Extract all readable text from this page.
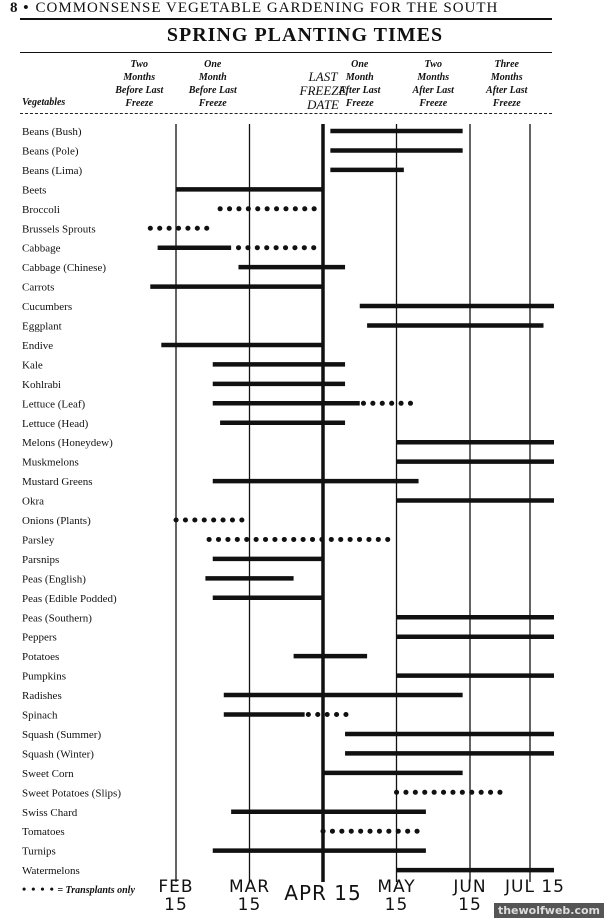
8 • COMMONSENSE VEGETABLE GARDENING FOR THE SOUTH
SPRING PLANTING TIMES
Two
Months
Before Last
Freeze
One
Month
Before Last
Freeze
LAST
FREEZE
DATE
One
Month
After Last
Freeze
Two
Months
After Last
Freeze
Three
Months
After Last
Freeze
Vegetables
Beans (Bush)
Beans (Pole)
Beans (Lima)
Beets
Broccoli
Brussels Sprouts
Cabbage
Cabbage (Chinese)
Carrots
Cucumbers
Eggplant
Endive
Kale
Kohlrabi
Lettuce (Leaf)
Lettuce (Head)
Melons (Honeydew)
Muskmelons
Mustard Greens
Okra
Onions (Plants)
Parsley
Parsnips
Peas (English)
Peas (Edible Podded)
Peas (Southern)
Peppers
Potatoes
Pumpkins
Radishes
Spinach
Squash (Summer)
Squash (Winter)
Sweet Corn
Sweet Potatoes (Slips)
Swiss Chard
Tomatoes
Turnips
Watermelons
• • • • = Transplants only	FEB 15
MAR 15	APR 15 MAY 15
JUN 15
JUL 15
thewolfweb.com
